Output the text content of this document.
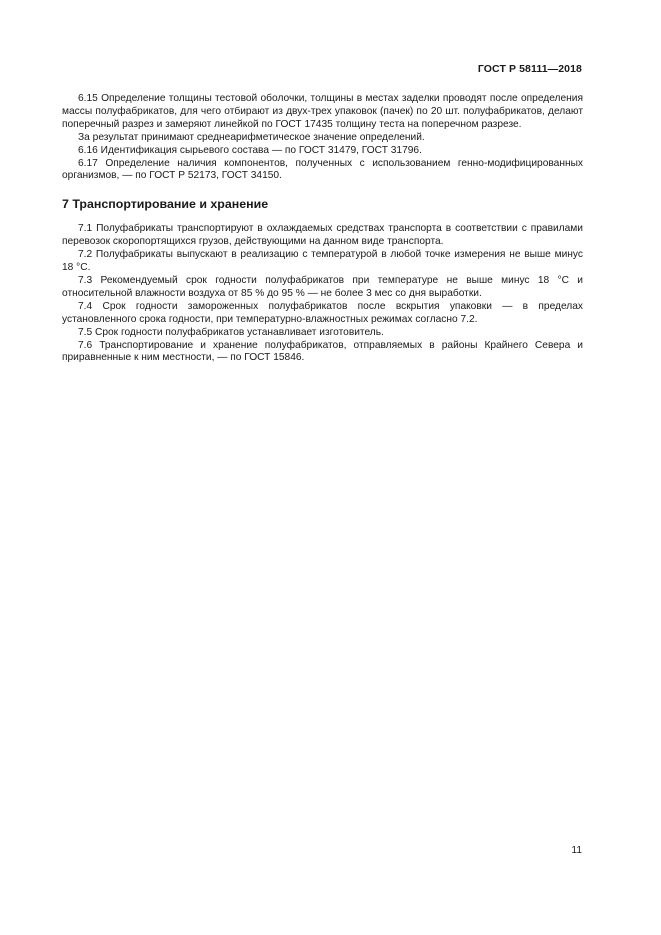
ГОСТ Р 58111—2018

6.15 Определение толщины тестовой оболочки, толщины в местах заделки проводят после определения массы полуфабрикатов, для чего отбирают из двух-трех упаковок (пачек) по 20 шт. полуфабрикатов, делают поперечный разрез и замеряют линейкой по ГОСТ 17435 толщину теста на поперечном разрезе.

За результат принимают среднеарифметическое значение определений.

6.16 Идентификация сырьевого состава — по ГОСТ 31479, ГОСТ 31796.

6.17 Определение наличия компонентов, полученных с использованием генно-модифицированных организмов, — по ГОСТ Р 52173, ГОСТ 34150.

7 Транспортирование и хранение

7.1 Полуфабрикаты транспортируют в охлаждаемых средствах транспорта в соответствии с правилами перевозок скоропортящихся грузов, действующими на данном виде транспорта.

7.2 Полуфабрикаты выпускают в реализацию с температурой в любой точке измерения не выше минус 18 °C.

7.3 Рекомендуемый срок годности полуфабрикатов при температуре не выше минус 18 °C и относительной влажности воздуха от 85 % до 95 % — не более 3 мес со дня выработки.

7.4 Срок годности замороженных полуфабрикатов после вскрытия упаковки — в пределах установленного срока годности, при температурно-влажностных режимах согласно 7.2.

7.5 Срок годности полуфабрикатов устанавливает изготовитель.

7.6 Транспортирование и хранение полуфабрикатов, отправляемых в районы Крайнего Севера и приравненные к ним местности, — по ГОСТ 15846.

11
